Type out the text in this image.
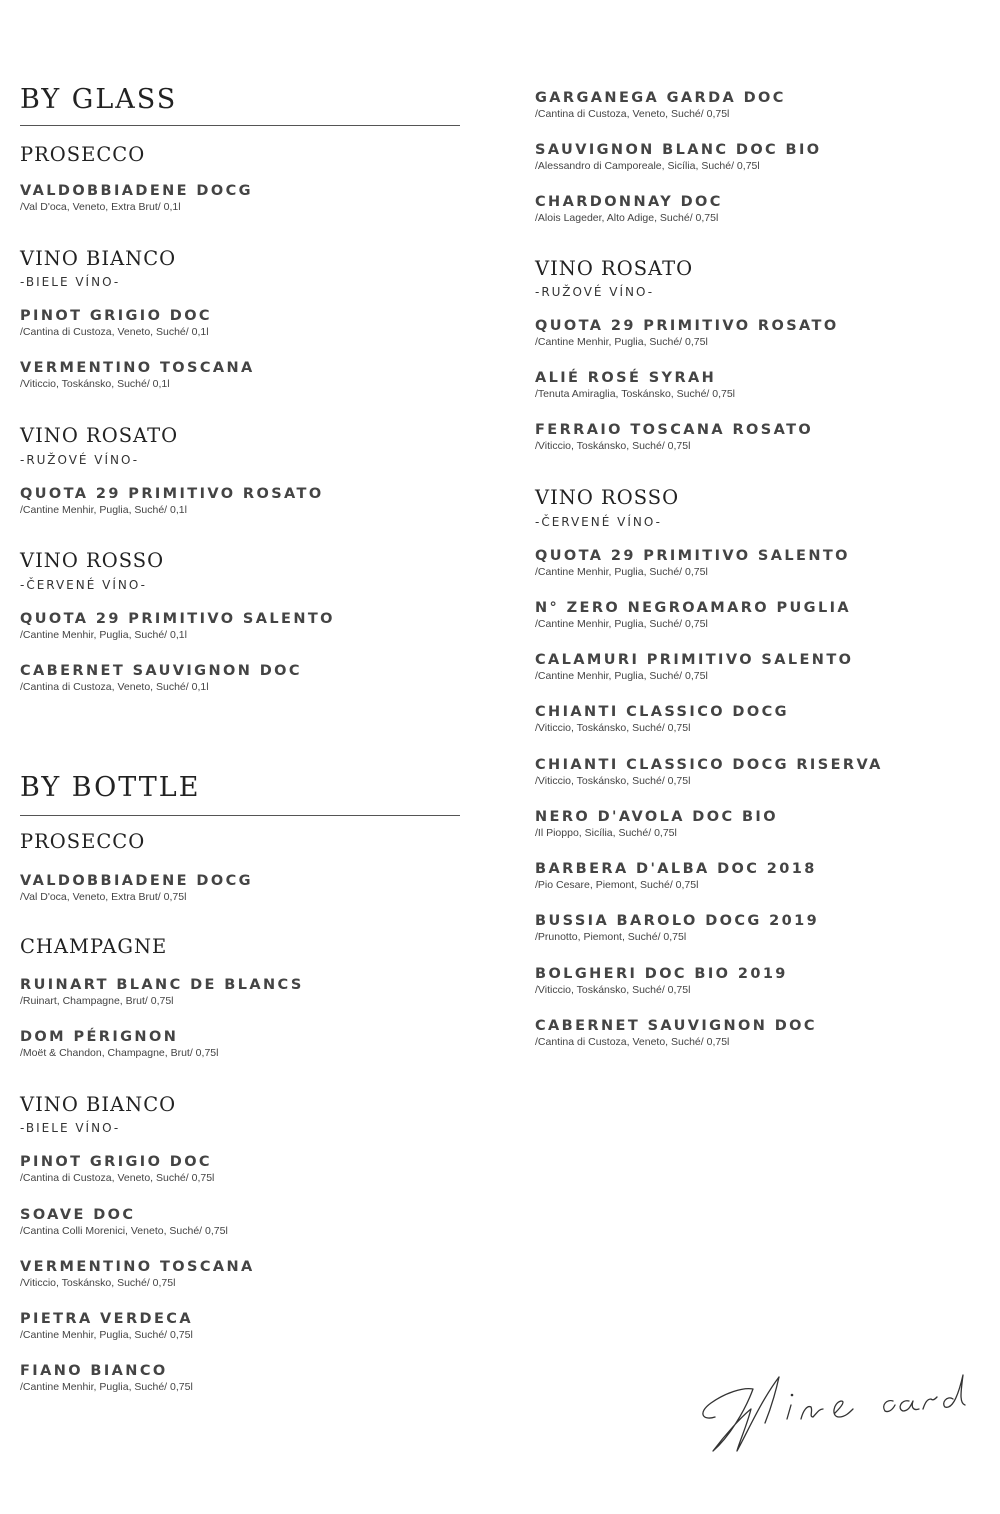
BY GLASS
PROSECCO
VALDOBBIADENE DOCG
/Val D'oca, Veneto, Extra Brut/ 0,1l
VINO BIANCO
-BIELE VÍNO-
PINOT GRIGIO DOC
/Cantina di Custoza, Veneto, Suché/ 0,1l
VERMENTINO TOSCANA
/Viticcio, Toskánsko, Suché/ 0,1l
VINO ROSATO
-RUŽOVÉ VÍNO-
QUOTA 29 PRIMITIVO ROSATO
/Cantine Menhir, Puglia, Suché/ 0,1l
VINO ROSSO
-ČERVENÉ VÍNO-
QUOTA 29 PRIMITIVO SALENTO
/Cantine Menhir, Puglia, Suché/ 0,1l
CABERNET SAUVIGNON DOC
/Cantina di Custoza, Veneto, Suché/ 0,1l
BY BOTTLE
PROSECCO
VALDOBBIADENE DOCG
/Val D'oca, Veneto, Extra Brut/ 0,75l
CHAMPAGNE
RUINART BLANC DE BLANCS
/Ruinart, Champagne, Brut/ 0,75l
DOM PÉRIGNON
/Moët & Chandon, Champagne, Brut/ 0,75l
VINO BIANCO
-BIELE VÍNO-
PINOT GRIGIO DOC
/Cantina di Custoza, Veneto, Suché/ 0,75l
SOAVE DOC
/Cantina Colli Morenici, Veneto, Suché/ 0,75l
VERMENTINO TOSCANA
/Viticcio, Toskánsko, Suché/ 0,75l
PIETRA VERDECA
/Cantine Menhir, Puglia, Suché/ 0,75l
FIANO BIANCO
/Cantine Menhir, Puglia, Suché/ 0,75l
GARGANEGA GARDA DOC
/Cantina di Custoza, Veneto, Suché/ 0,75l
SAUVIGNON BLANC DOC BIO
/Alessandro di Camporeale, Sicília, Suché/ 0,75l
CHARDONNAY DOC
/Alois Lageder, Alto Adige, Suché/ 0,75l
VINO ROSATO
-RUŽOVÉ VÍNO-
QUOTA 29 PRIMITIVO ROSATO
/Cantine Menhir, Puglia, Suché/ 0,75l
ALIÉ ROSÉ SYRAH
/Tenuta Amiraglia, Toskánsko, Suché/ 0,75l
FERRAIO TOSCANA ROSATO
/Viticcio, Toskánsko, Suché/ 0,75l
VINO ROSSO
-ČERVENÉ VÍNO-
QUOTA 29 PRIMITIVO SALENTO
/Cantine Menhir, Puglia, Suché/ 0,75l
N° ZERO NEGROAMARO PUGLIA
/Cantine Menhir, Puglia, Suché/ 0,75l
CALAMURI PRIMITIVO SALENTO
/Cantine Menhir, Puglia, Suché/ 0,75l
CHIANTI CLASSICO DOCG
/Viticcio, Toskánsko, Suché/ 0,75l
CHIANTI CLASSICO DOCG RISERVA
/Viticcio, Toskánsko, Suché/ 0,75l
NERO D'AVOLA DOC BIO
/Il Pioppo, Sicília, Suché/ 0,75l
BARBERA D'ALBA DOC 2018
/Pio Cesare, Piemont, Suché/ 0,75l
BUSSIA BAROLO DOCG 2019
/Prunotto, Piemont, Suché/ 0,75l
BOLGHERI DOC BIO 2019
/Viticcio, Toskánsko, Suché/ 0,75l
CABERNET SAUVIGNON DOC
/Cantina di Custoza, Veneto, Suché/ 0,75l
Wine card
